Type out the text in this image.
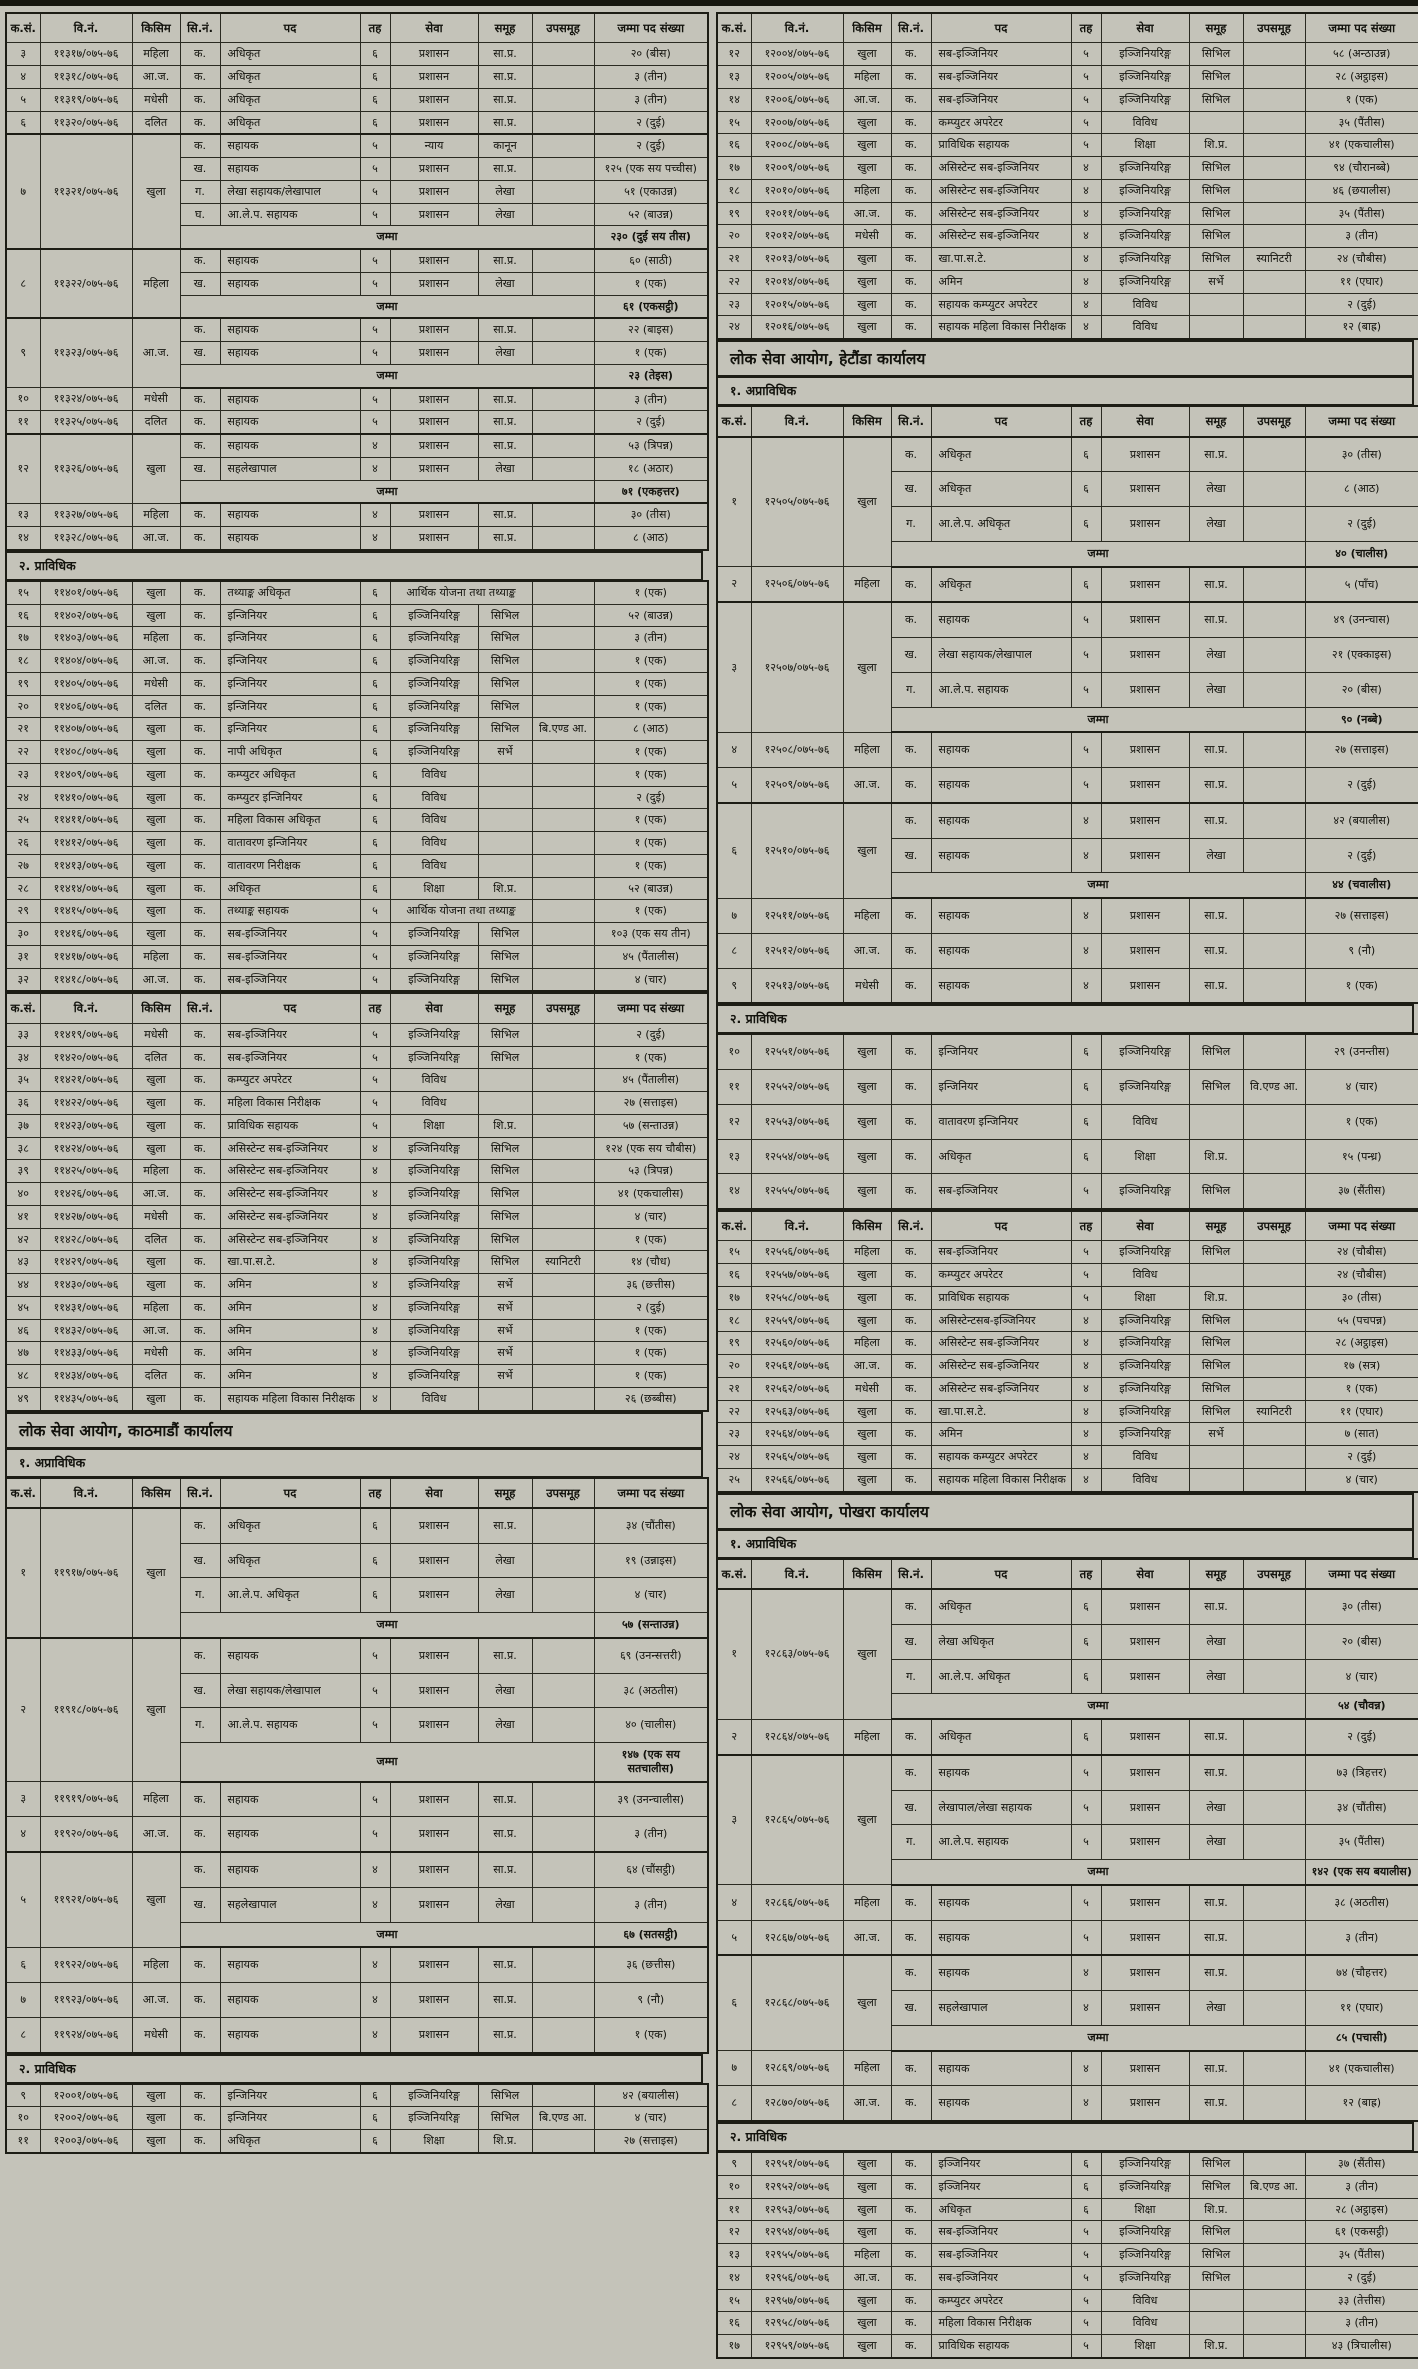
क.सं.	वि.नं.	किसिम	सि.नं.	पद	तह	सेवा	समूह	उपसमूह	जम्मा पद संख्या
३	११३१७/०७५-७६	महिला	क.	अधिकृत	६	प्रशासन	सा.प्र.		२० (बीस)
४	११३१८/०७५-७६	आ.ज.	क.	अधिकृत	६	प्रशासन	सा.प्र.		३ (तीन)
५	११३१९/०७५-७६	मधेसी	क.	अधिकृत	६	प्रशासन	सा.प्र.		३ (तीन)
६	११३२०/०७५-७६	दलित	क.	अधिकृत	६	प्रशासन	सा.प्र.		२ (दुई)
७	११३२१/०७५-७६	खुला	क.	सहायक	५	न्याय	कानून		२ (दुई)
			ख.	सहायक	५	प्रशासन	सा.प्र.		१२५ (एक सय पच्चीस)
			ग.	लेखा सहायक/लेखापाल	५	प्रशासन	लेखा		५१ (एकाउन्न)
			घ.	आ.ले.प. सहायक	५	प्रशासन	लेखा		५२ (बाउन्न)
			जम्मा						२३० (दुई सय तीस)
८	११३२२/०७५-७६	महिला	क.	सहायक	५	प्रशासन	सा.प्र.		६० (साठी)
			ख.	सहायक	५	प्रशासन	लेखा		१ (एक)
			जम्मा						६१ (एकसट्ठी)
९	११३२३/०७५-७६	आ.ज.	क.	सहायक	५	प्रशासन	सा.प्र.		२२ (बाइस)
			ख.	सहायक	५	प्रशासन	लेखा		१ (एक)
			जम्मा						२३ (तेइस)
१०	११३२४/०७५-७६	मधेसी	क.	सहायक	५	प्रशासन	सा.प्र.		३ (तीन)
११	११३२५/०७५-७६	दलित	क.	सहायक	५	प्रशासन	सा.प्र.		२ (दुई)
१२	११३२६/०७५-७६	खुला	क.	सहायक	४	प्रशासन	सा.प्र.		५३ (त्रिपन्न)
			ख.	सहलेखापाल	४	प्रशासन	लेखा		१८ (अठार)
			जम्मा						७१ (एकहत्तर)
१३	११३२७/०७५-७६	महिला	क.	सहायक	४	प्रशासन	सा.प्र.		३० (तीस)
१४	११३२८/०७५-७६	आ.ज.	क.	सहायक	४	प्रशासन	सा.प्र.		८ (आठ)
२. प्राविधिक
१५	११४०१/०७५-७६	खुला	क.	तथ्याङ्क अधिकृत	६	आर्थिक योजना तथा तथ्याङ्क			१ (एक)
१६	११४०२/०७५-७६	खुला	क.	इन्जिनियर	६	इञ्जिनियरिङ्ग	सिभिल		५२ (बाउन्न)
१७	११४०३/०७५-७६	महिला	क.	इन्जिनियर	६	इञ्जिनियरिङ्ग	सिभिल		३ (तीन)
१८	११४०४/०७५-७६	आ.ज.	क.	इन्जिनियर	६	इञ्जिनियरिङ्ग	सिभिल		१ (एक)
१९	११४०५/०७५-७६	मधेसी	क.	इन्जिनियर	६	इञ्जिनियरिङ्ग	सिभिल		१ (एक)
२०	११४०६/०७५-७६	दलित	क.	इन्जिनियर	६	इञ्जिनियरिङ्ग	सिभिल		१ (एक)
२१	११४०७/०७५-७६	खुला	क.	इन्जिनियर	६	इञ्जिनियरिङ्ग	सिभिल	बि.एण्ड आ.	८ (आठ)
२२	११४०८/०७५-७६	खुला	क.	नापी अधिकृत	६	इञ्जिनियरिङ्ग	सर्भे		१ (एक)
२३	११४०९/०७५-७६	खुला	क.	कम्प्युटर अधिकृत	६	विविध			१ (एक)
२४	११४१०/०७५-७६	खुला	क.	कम्प्युटर इन्जिनियर	६	विविध			२ (दुई)
२५	११४११/०७५-७६	खुला	क.	महिला विकास अधिकृत	६	विविध			१ (एक)
२६	११४१२/०७५-७६	खुला	क.	वातावरण इन्जिनियर	६	विविध			१ (एक)
२७	११४१३/०७५-७६	खुला	क.	वातावरण निरीक्षक	६	विविध			१ (एक)
२८	११४१४/०७५-७६	खुला	क.	अधिकृत	६	शिक्षा	शि.प्र.		५२ (बाउन्न)
२९	११४१५/०७५-७६	खुला	क.	तथ्याङ्क सहायक	५	आर्थिक योजना तथा तथ्याङ्क			१ (एक)
३०	११४१६/०७५-७६	खुला	क.	सब-इञ्जिनियर	५	इञ्जिनियरिङ्ग	सिभिल		१०३ (एक सय तीन)
३१	११४१७/०७५-७६	महिला	क.	सब-इञ्जिनियर	५	इञ्जिनियरिङ्ग	सिभिल		४५ (पैंतालीस)
३२	११४१८/०७५-७६	आ.ज.	क.	सब-इञ्जिनियर	५	इञ्जिनियरिङ्ग	सिभिल		४ (चार)
क.सं.	वि.नं.	किसिम	सि.नं.	पद	तह	सेवा	समूह	उपसमूह	जम्मा पद संख्या
३३	११४१९/०७५-७६	मधेसी	क.	सब-इञ्जिनियर	५	इञ्जिनियरिङ्ग	सिभिल		२ (दुई)
३४	११४२०/०७५-७६	दलित	क.	सब-इञ्जिनियर	५	इञ्जिनियरिङ्ग	सिभिल		१ (एक)
३५	११४२१/०७५-७६	खुला	क.	कम्प्युटर अपरेटर	५	विविध			४५ (पैंतालीस)
३६	११४२२/०७५-७६	खुला	क.	महिला विकास निरीक्षक	५	विविध			२७ (सत्ताइस)
३७	११४२३/०७५-७६	खुला	क.	प्राविधिक सहायक	५	शिक्षा	शि.प्र.		५७ (सन्ताउन्न)
३८	११४२४/०७५-७६	खुला	क.	असिस्टेन्ट सब-इञ्जिनियर	४	इञ्जिनियरिङ्ग	सिभिल		१२४ (एक सय चौबीस)
३९	११४२५/०७५-७६	महिला	क.	असिस्टेन्ट सब-इञ्जिनियर	४	इञ्जिनियरिङ्ग	सिभिल		५३ (त्रिपन्न)
४०	११४२६/०७५-७६	आ.ज.	क.	असिस्टेन्ट सब-इञ्जिनियर	४	इञ्जिनियरिङ्ग	सिभिल		४१ (एकचालीस)
४१	११४२७/०७५-७६	मधेसी	क.	असिस्टेन्ट सब-इञ्जिनियर	४	इञ्जिनियरिङ्ग	सिभिल		४ (चार)
४२	११४२८/०७५-७६	दलित	क.	असिस्टेन्ट सब-इञ्जिनियर	४	इञ्जिनियरिङ्ग	सिभिल		१ (एक)
४३	११४२९/०७५-७६	खुला	क.	खा.पा.स.टे.	४	इञ्जिनियरिङ्ग	सिभिल	स्यानिटरी	१४ (चौध)
४४	११४३०/०७५-७६	खुला	क.	अमिन	४	इञ्जिनियरिङ्ग	सर्भे		३६ (छत्तीस)
४५	११४३१/०७५-७६	महिला	क.	अमिन	४	इञ्जिनियरिङ्ग	सर्भे		२ (दुई)
४६	११४३२/०७५-७६	आ.ज.	क.	अमिन	४	इञ्जिनियरिङ्ग	सर्भे		१ (एक)
४७	११४३३/०७५-७६	मधेसी	क.	अमिन	४	इञ्जिनियरिङ्ग	सर्भे		१ (एक)
४८	११४३४/०७५-७६	दलित	क.	अमिन	४	इञ्जिनियरिङ्ग	सर्भे		१ (एक)
४९	११४३५/०७५-७६	खुला	क.	सहायक महिला विकास निरीक्षक	४	विविध			२६ (छब्बीस)
लोक सेवा आयोग, काठमाडौं कार्यालय
१. अप्राविधिक
क.सं.	वि.नं.	किसिम	सि.नं.	पद	तह	सेवा	समूह	उपसमूह	जम्मा पद संख्या
१	११९१७/०७५-७६	खुला	क.	अधिकृत	६	प्रशासन	सा.प्र.		३४ (चौंतीस)
			ख.	अधिकृत	६	प्रशासन	लेखा		१९ (उन्नाइस)
			ग.	आ.ले.प. अधिकृत	६	प्रशासन	लेखा		४ (चार)
			जम्मा						५७ (सन्ताउन्न)
२	११९१८/०७५-७६	खुला	क.	सहायक	५	प्रशासन	सा.प्र.		६९ (उनन्सत्तरी)
			ख.	लेखा सहायक/लेखापाल	५	प्रशासन	लेखा		३८ (अठतीस)
			ग.	आ.ले.प. सहायक	५	प्रशासन	लेखा		४० (चालीस)
			जम्मा						१४७ (एक सय सतचालीस)
३	११९१९/०७५-७६	महिला	क.	सहायक	५	प्रशासन	सा.प्र.		३९ (उनन्चालीस)
४	११९२०/०७५-७६	आ.ज.	क.	सहायक	५	प्रशासन	सा.प्र.		३ (तीन)
५	११९२१/०७५-७६	खुला	क.	सहायक	४	प्रशासन	सा.प्र.		६४ (चौंसट्ठी)
			ख.	सहलेखापाल	४	प्रशासन	लेखा		३ (तीन)
			जम्मा						६७ (सतसट्ठी)
६	११९२२/०७५-७६	महिला	क.	सहायक	४	प्रशासन	सा.प्र.		३६ (छत्तीस)
७	११९२३/०७५-७६	आ.ज.	क.	सहायक	४	प्रशासन	सा.प्र.		९ (नौ)
८	११९२४/०७५-७६	मधेसी	क.	सहायक	४	प्रशासन	सा.प्र.		१ (एक)
२. प्राविधिक
९	१२००१/०७५-७६	खुला	क.	इन्जिनियर	६	इञ्जिनियरिङ्ग	सिभिल		४२ (बयालीस)
१०	१२००२/०७५-७६	खुला	क.	इन्जिनियर	६	इञ्जिनियरिङ्ग	सिभिल	बि.एण्ड आ.	४ (चार)
११	१२००३/०७५-७६	खुला	क.	अधिकृत	६	शिक्षा	शि.प्र.		२७ (सत्ताइस)
क.सं.	वि.नं.	किसिम	सि.नं.	पद	तह	सेवा	समूह	उपसमूह	जम्मा पद संख्या
१२	१२००४/०७५-७६	खुला	क.	सब-इञ्जिनियर	५	इञ्जिनियरिङ्ग	सिभिल		५८ (अन्ठाउन्न)
१३	१२००५/०७५-७६	महिला	क.	सब-इञ्जिनियर	५	इञ्जिनियरिङ्ग	सिभिल		२८ (अट्ठाइस)
१४	१२००६/०७५-७६	आ.ज.	क.	सब-इञ्जिनियर	५	इञ्जिनियरिङ्ग	सिभिल		१ (एक)
१५	१२००७/०७५-७६	खुला	क.	कम्प्युटर अपरेटर	५	विविध			३५ (पैंतीस)
१६	१२००८/०७५-७६	खुला	क.	प्राविधिक सहायक	५	शिक्षा	शि.प्र.		४१ (एकचालीस)
१७	१२००९/०७५-७६	खुला	क.	असिस्टेन्ट सब-इञ्जिनियर	४	इञ्जिनियरिङ्ग	सिभिल		९४ (चौरानब्बे)
१८	१२०१०/०७५-७६	महिला	क.	असिस्टेन्ट सब-इञ्जिनियर	४	इञ्जिनियरिङ्ग	सिभिल		४६ (छयालीस)
१९	१२०११/०७५-७६	आ.ज.	क.	असिस्टेन्ट सब-इञ्जिनियर	४	इञ्जिनियरिङ्ग	सिभिल		३५ (पैंतीस)
२०	१२०१२/०७५-७६	मधेसी	क.	असिस्टेन्ट सब-इञ्जिनियर	४	इञ्जिनियरिङ्ग	सिभिल		३ (तीन)
२१	१२०१३/०७५-७६	खुला	क.	खा.पा.स.टे.	४	इञ्जिनियरिङ्ग	सिभिल	स्यानिटरी	२४ (चौबीस)
२२	१२०१४/०७५-७६	खुला	क.	अमिन	४	इञ्जिनियरिङ्ग	सर्भे		११ (एघार)
२३	१२०१५/०७५-७६	खुला	क.	सहायक कम्प्युटर अपरेटर	४	विविध			२ (दुई)
२४	१२०१६/०७५-७६	खुला	क.	सहायक महिला विकास निरीक्षक	४	विविध			१२ (बाह्र)
लोक सेवा आयोग, हेटौंडा कार्यालय
१. अप्राविधिक
क.सं.	वि.नं.	किसिम	सि.नं.	पद	तह	सेवा	समूह	उपसमूह	जम्मा पद संख्या
१	१२५०५/०७५-७६	खुला	क.	अधिकृत	६	प्रशासन	सा.प्र.		३० (तीस)
			ख.	अधिकृत	६	प्रशासन	लेखा		८ (आठ)
			ग.	आ.ले.प. अधिकृत	६	प्रशासन	लेखा		२ (दुई)
			जम्मा						४० (चालीस)
२	१२५०६/०७५-७६	महिला	क.	अधिकृत	६	प्रशासन	सा.प्र.		५ (पाँच)
३	१२५०७/०७५-७६	खुला	क.	सहायक	५	प्रशासन	सा.प्र.		४९ (उनन्चास)
			ख.	लेखा सहायक/लेखापाल	५	प्रशासन	लेखा		२१ (एक्काइस)
			ग.	आ.ले.प. सहायक	५	प्रशासन	लेखा		२० (बीस)
			जम्मा						९० (नब्बे)
४	१२५०८/०७५-७६	महिला	क.	सहायक	५	प्रशासन	सा.प्र.		२७ (सत्ताइस)
५	१२५०९/०७५-७६	आ.ज.	क.	सहायक	५	प्रशासन	सा.प्र.		२ (दुई)
६	१२५१०/०७५-७६	खुला	क.	सहायक	४	प्रशासन	सा.प्र.		४२ (बयालीस)
			ख.	सहायक	४	प्रशासन	लेखा		२ (दुई)
			जम्मा						४४ (चवालीस)
७	१२५११/०७५-७६	महिला	क.	सहायक	४	प्रशासन	सा.प्र.		२७ (सत्ताइस)
८	१२५१२/०७५-७६	आ.ज.	क.	सहायक	४	प्रशासन	सा.प्र.		९ (नौ)
९	१२५१३/०७५-७६	मधेसी	क.	सहायक	४	प्रशासन	सा.प्र.		१ (एक)
२. प्राविधिक
१०	१२५५१/०७५-७६	खुला	क.	इन्जिनियर	६	इञ्जिनियरिङ्ग	सिभिल		२९ (उनन्तीस)
११	१२५५२/०७५-७६	खुला	क.	इन्जिनियर	६	इञ्जिनियरिङ्ग	सिभिल	वि.एण्ड आ.	४ (चार)
१२	१२५५३/०७५-७६	खुला	क.	वातावरण इन्जिनियर	६	विविध			१ (एक)
१३	१२५५४/०७५-७६	खुला	क.	अधिकृत	६	शिक्षा	शि.प्र.		१५ (पन्ध्र)
१४	१२५५५/०७५-७६	खुला	क.	सब-इञ्जिनियर	५	इञ्जिनियरिङ्ग	सिभिल		३७ (सैंतीस)
क.सं.	वि.नं.	किसिम	सि.नं.	पद	तह	सेवा	समूह	उपसमूह	जम्मा पद संख्या
१५	१२५५६/०७५-७६	महिला	क.	सब-इञ्जिनियर	५	इञ्जिनियरिङ्ग	सिभिल		२४ (चौबीस)
१६	१२५५७/०७५-७६	खुला	क.	कम्प्युटर अपरेटर	५	विविध			२४ (चौबीस)
१७	१२५५८/०७५-७६	खुला	क.	प्राविधिक सहायक	५	शिक्षा	शि.प्र.		३० (तीस)
१८	१२५५९/०७५-७६	खुला	क.	असिस्टेन्टसब-इञ्जिनियर	४	इञ्जिनियरिङ्ग	सिभिल		५५ (पचपन्न)
१९	१२५६०/०७५-७६	महिला	क.	असिस्टेन्ट सब-इञ्जिनियर	४	इञ्जिनियरिङ्ग	सिभिल		२८ (अट्ठाइस)
२०	१२५६१/०७५-७६	आ.ज.	क.	असिस्टेन्ट सब-इञ्जिनियर	४	इञ्जिनियरिङ्ग	सिभिल		१७ (सत्र)
२१	१२५६२/०७५-७६	मधेसी	क.	असिस्टेन्ट सब-इञ्जिनियर	४	इञ्जिनियरिङ्ग	सिभिल		१ (एक)
२२	१२५६३/०७५-७६	खुला	क.	खा.पा.स.टे.	४	इञ्जिनियरिङ्ग	सिभिल	स्यानिटरी	११ (एघार)
२३	१२५६४/०७५-७६	खुला	क.	अमिन	४	इञ्जिनियरिङ्ग	सर्भे		७ (सात)
२४	१२५६५/०७५-७६	खुला	क.	सहायक कम्प्युटर अपरेटर	४	विविध			२ (दुई)
२५	१२५६६/०७५-७६	खुला	क.	सहायक महिला विकास निरीक्षक	४	विविध			४ (चार)
लोक सेवा आयोग, पोखरा कार्यालय
१. अप्राविधिक
क.सं.	वि.नं.	किसिम	सि.नं.	पद	तह	सेवा	समूह	उपसमूह	जम्मा पद संख्या
१	१२८६३/०७५-७६	खुला	क.	अधिकृत	६	प्रशासन	सा.प्र.		३० (तीस)
			ख.	लेखा अधिकृत	६	प्रशासन	लेखा		२० (बीस)
			ग.	आ.ले.प. अधिकृत	६	प्रशासन	लेखा		४ (चार)
			जम्मा						५४ (चौवन्न)
२	१२८६४/०७५-७६	महिला	क.	अधिकृत	६	प्रशासन	सा.प्र.		२ (दुई)
३	१२८६५/०७५-७६	खुला	क.	सहायक	५	प्रशासन	सा.प्र.		७३ (त्रिहत्तर)
			ख.	लेखापाल/लेखा सहायक	५	प्रशासन	लेखा		३४ (चौंतीस)
			ग.	आ.ले.प. सहायक	५	प्रशासन	लेखा		३५ (पैंतीस)
			जम्मा						१४२ (एक सय बयालीस)
४	१२८६६/०७५-७६	महिला	क.	सहायक	५	प्रशासन	सा.प्र.		३८ (अठतीस)
५	१२८६७/०७५-७६	आ.ज.	क.	सहायक	५	प्रशासन	सा.प्र.		३ (तीन)
६	१२८६८/०७५-७६	खुला	क.	सहायक	४	प्रशासन	सा.प्र.		७४ (चौहत्तर)
			ख.	सहलेखापाल	४	प्रशासन	लेखा		११ (एघार)
			जम्मा						८५ (पचासी)
७	१२८६९/०७५-७६	महिला	क.	सहायक	४	प्रशासन	सा.प्र.		४१ (एकचालीस)
८	१२८७०/०७५-७६	आ.ज.	क.	सहायक	४	प्रशासन	सा.प्र.		१२ (बाह्र)
२. प्राविधिक
९	१२९५१/०७५-७६	खुला	क.	इञ्जिनियर	६	इञ्जिनियरिङ्ग	सिभिल		३७ (सैंतीस)
१०	१२९५२/०७५-७६	खुला	क.	इञ्जिनियर	६	इञ्जिनियरिङ्ग	सिभिल	बि.एण्ड आ.	३ (तीन)
११	१२९५३/०७५-७६	खुला	क.	अधिकृत	६	शिक्षा	शि.प्र.		२८ (अट्ठाइस)
१२	१२९५४/०७५-७६	खुला	क.	सब-इञ्जिनियर	५	इञ्जिनियरिङ्ग	सिभिल		६१ (एकसट्ठी)
१३	१२९५५/०७५-७६	महिला	क.	सब-इञ्जिनियर	५	इञ्जिनियरिङ्ग	सिभिल		३५ (पैंतीस)
१४	१२९५६/०७५-७६	आ.ज.	क.	सब-इञ्जिनियर	५	इञ्जिनियरिङ्ग	सिभिल		२ (दुई)
१५	१२९५७/०७५-७६	खुला	क.	कम्प्युटर अपरेटर	५	विविध			३३ (तेत्तीस)
१६	१२९५८/०७५-७६	खुला	क.	महिला विकास निरीक्षक	५	विविध			३ (तीन)
१७	१२९५९/०७५-७६	खुला	क.	प्राविधिक सहायक	५	शिक्षा	शि.प्र.		४३ (त्रिचालीस)
